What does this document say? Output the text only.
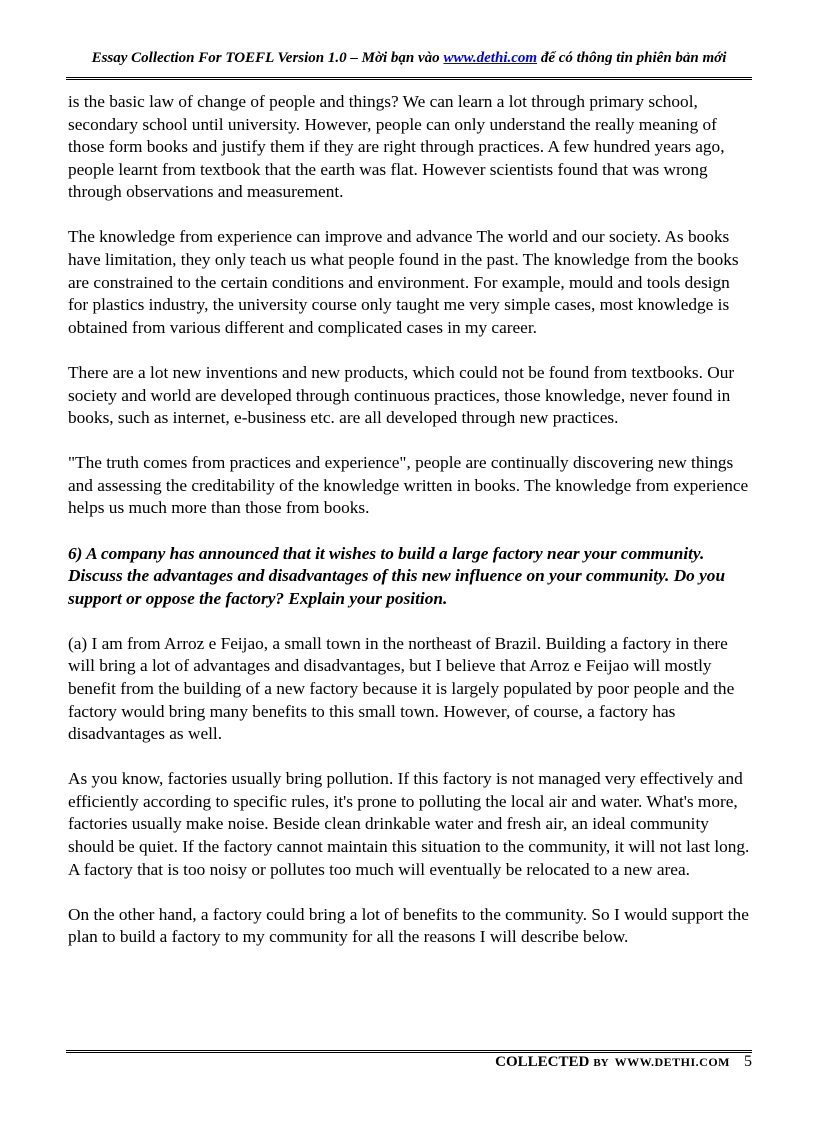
Essay Collection For TOEFL Version 1.0 – Mời bạn vào www.dethi.com để có thông tin phiên bản mới

is the basic law of change of people and things? We can learn a lot through primary school, secondary school until university. However, people can only understand the really meaning of those form books and justify them if they are right through practices. A few hundred years ago, people learnt from textbook that the earth was flat. However scientists found that was wrong through observations and measurement.

The knowledge from experience can improve and advance The world and our society. As books have limitation, they only teach us what people found in the past. The knowledge from the books are constrained to the certain conditions and environment. For example, mould and tools design for plastics industry, the university course only taught me very simple cases, most knowledge is obtained from various different and complicated cases in my career.

There are a lot new inventions and new products, which could not be found from textbooks. Our society and world are developed through continuous practices, those knowledge, never found in books, such as internet, e-business etc. are all developed through new practices.

"The truth comes from practices and experience", people are continually discovering new things and assessing the creditability of the knowledge written in books. The knowledge from experience helps us much more than those from books.

6) A company has announced that it wishes to build a large factory near your community. Discuss the advantages and disadvantages of this new influence on your community. Do you support or oppose the factory? Explain your position.

(a) I am from Arroz e Feijao, a small town in the northeast of Brazil. Building a factory in there will bring a lot of advantages and disadvantages, but I believe that Arroz e Feijao will mostly benefit from the building of a new factory because it is largely populated by poor people and the factory would bring many benefits to this small town. However, of course, a factory has disadvantages as well.

As you know, factories usually bring pollution. If this factory is not managed very effectively and efficiently according to specific rules, it's prone to polluting the local air and water. What's more, factories usually make noise. Beside clean drinkable water and fresh air, an ideal community should be quiet. If the factory cannot maintain this situation to the community, it will not last long. A factory that is too noisy or pollutes too much will eventually be relocated to a new area.

On the other hand, a factory could bring a lot of benefits to the community. So I would support the plan to build a factory to my community for all the reasons I will describe below.

COLLECTED BY WWW.DETHI.COM 5
